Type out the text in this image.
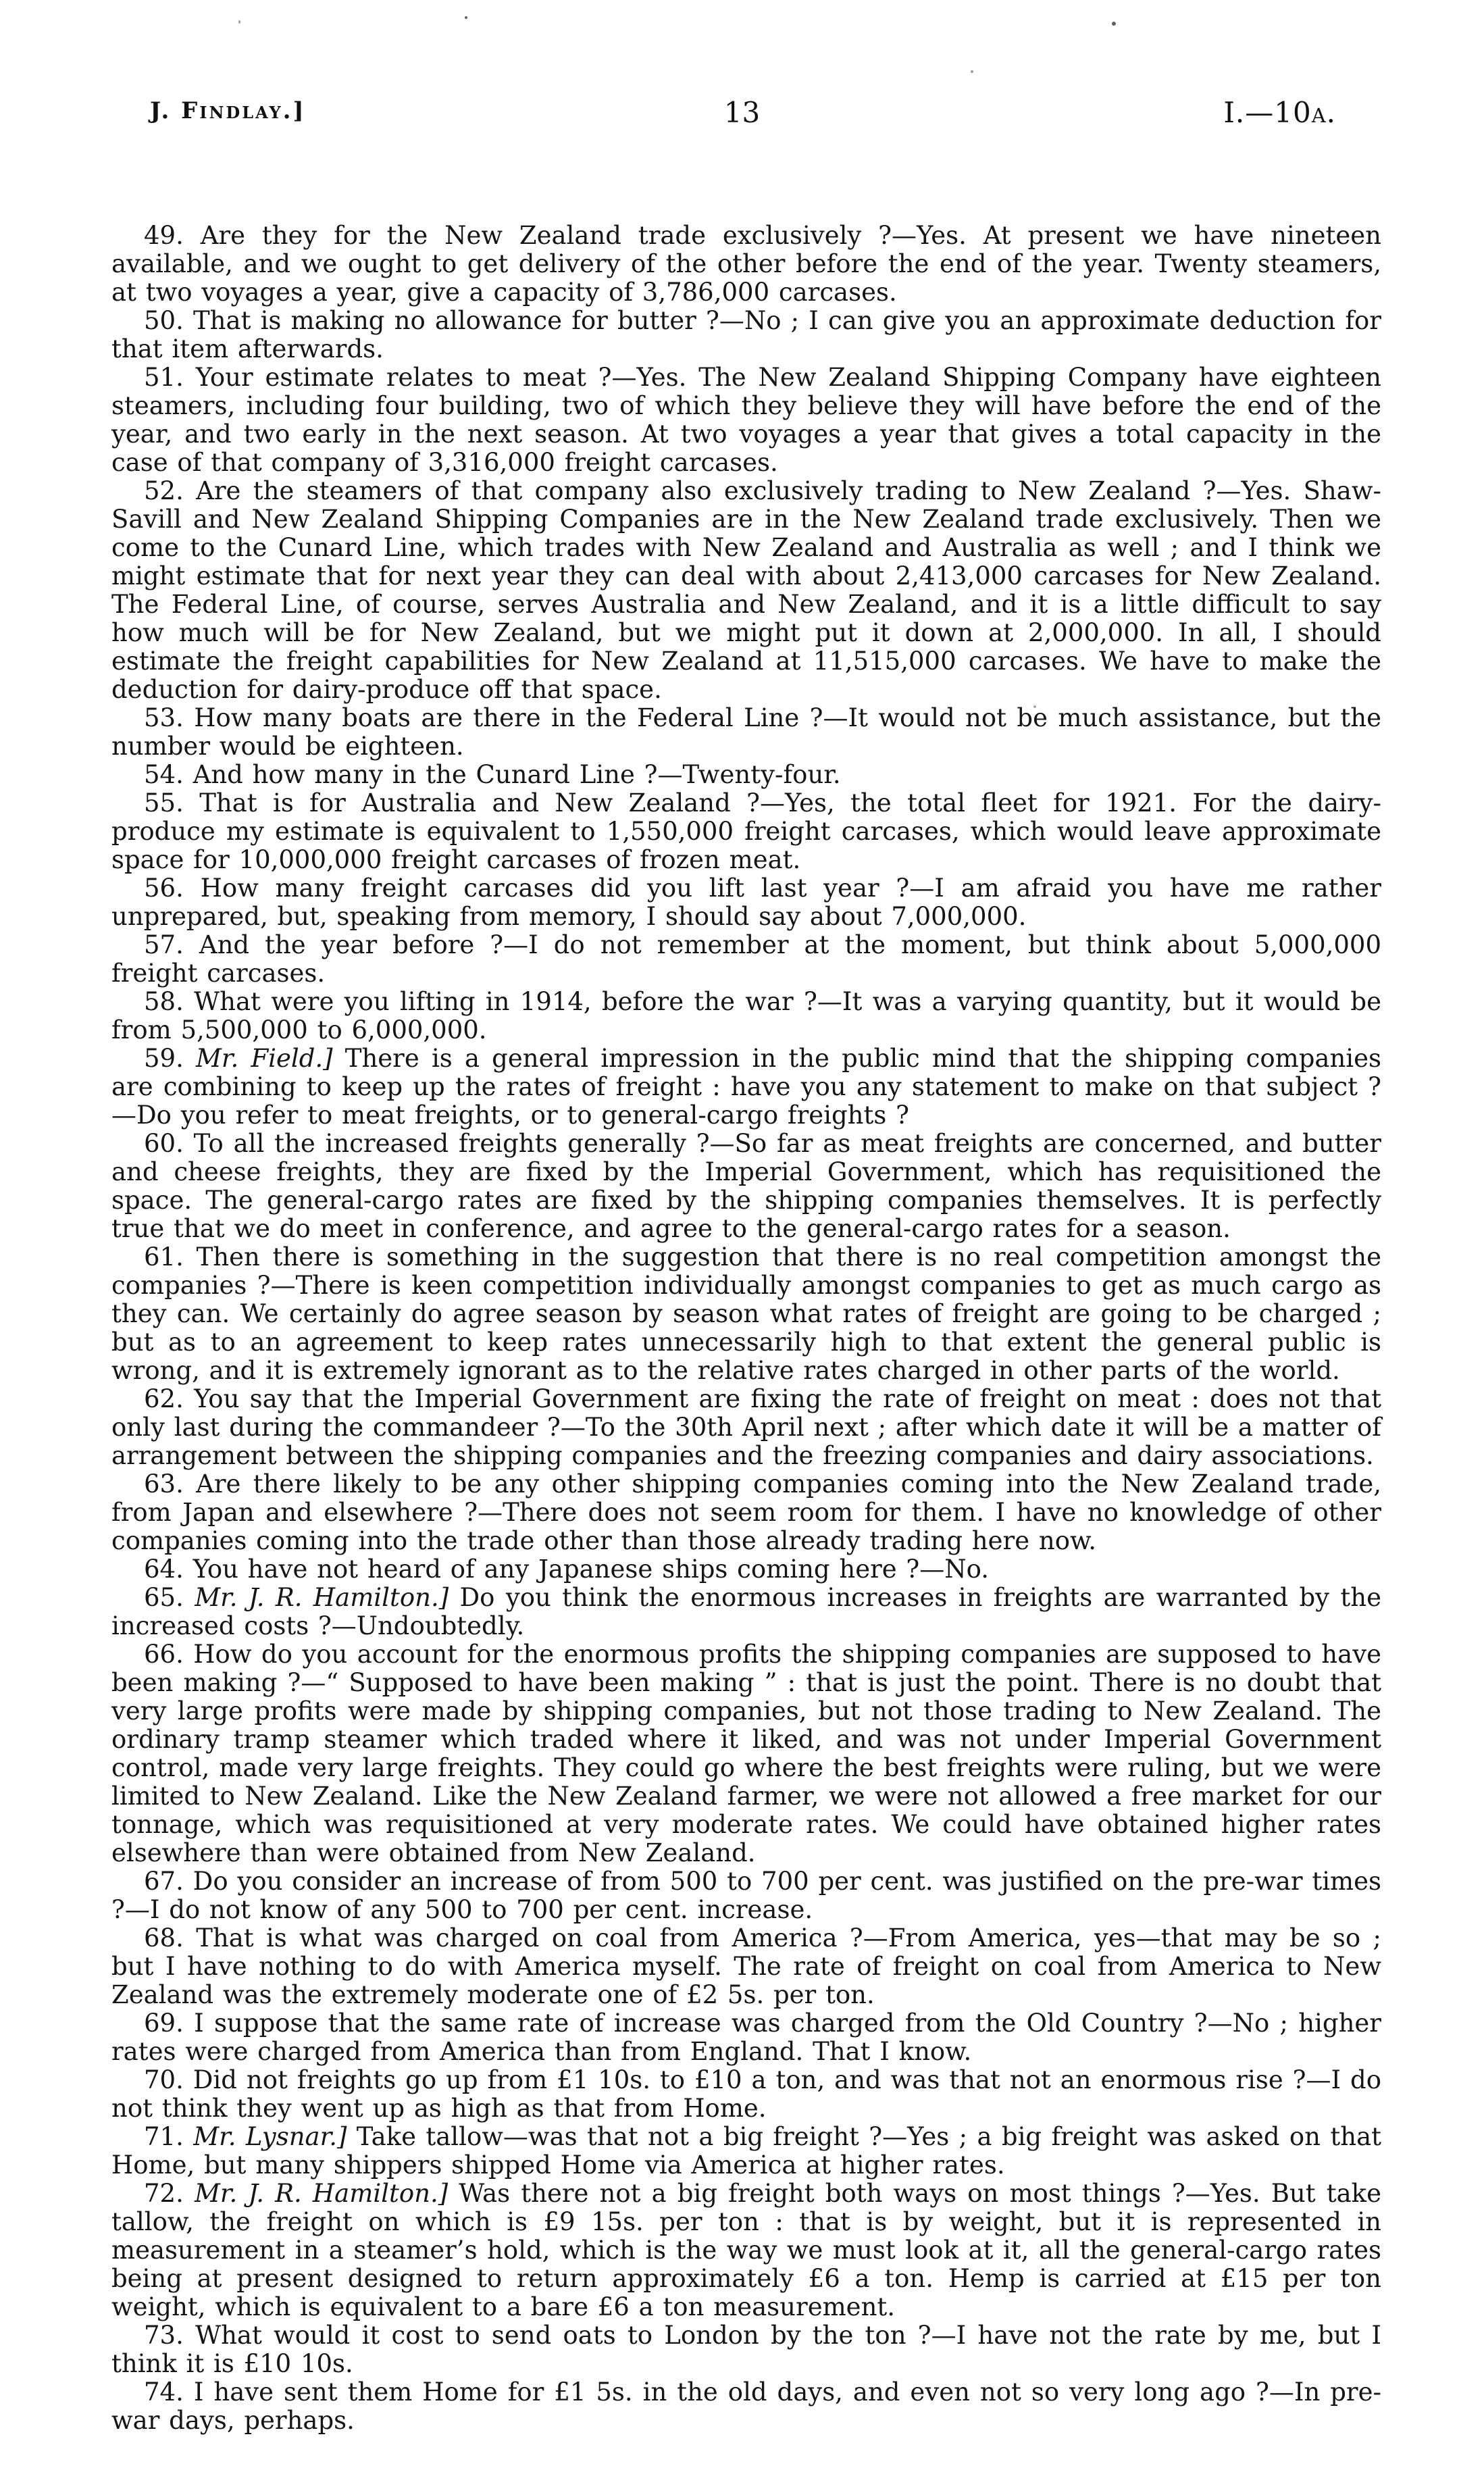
J. Findlay.]	13	I.—10a.

49. Are they for the New Zealand trade exclusively ?—Yes. At present we have nineteen available, and we ought to get delivery of the other before the end of the year. Twenty steamers, at two voyages a year, give a capacity of 3,786,000 carcases.

50. That is making no allowance for butter ?—No ; I can give you an approximate deduction for that item afterwards.

51. Your estimate relates to meat ?—Yes. The New Zealand Shipping Company have eighteen steamers, including four building, two of which they believe they will have before the end of the year, and two early in the next season. At two voyages a year that gives a total capacity in the case of that company of 3,316,000 freight carcases.

52. Are the steamers of that company also exclusively trading to New Zealand ?—Yes. Shaw-Savill and New Zealand Shipping Companies are in the New Zealand trade exclusively. Then we come to the Cunard Line, which trades with New Zealand and Australia as well ; and I think we might estimate that for next year they can deal with about 2,413,000 carcases for New Zealand. The Federal Line, of course, serves Australia and New Zealand, and it is a little difficult to say how much will be for New Zealand, but we might put it down at 2,000,000. In all, I should estimate the freight capabilities for New Zealand at 11,515,000 carcases. We have to make the deduction for dairy-produce off that space.

53. How many boats are there in the Federal Line ?—It would not be much assistance, but the number would be eighteen.

54. And how many in the Cunard Line ?—Twenty-four.

55. That is for Australia and New Zealand ?—Yes, the total fleet for 1921. For the dairy-produce my estimate is equivalent to 1,550,000 freight carcases, which would leave approximate space for 10,000,000 freight carcases of frozen meat.

56. How many freight carcases did you lift last year ?—I am afraid you have me rather unprepared, but, speaking from memory, I should say about 7,000,000.

57. And the year before ?—I do not remember at the moment, but think about 5,000,000 freight carcases.

58. What were you lifting in 1914, before the war ?—It was a varying quantity, but it would be from 5,500,000 to 6,000,000.

59. Mr. Field.] There is a general impression in the public mind that the shipping companies are combining to keep up the rates of freight : have you any statement to make on that subject ?—Do you refer to meat freights, or to general-cargo freights ?

60. To all the increased freights generally ?—So far as meat freights are concerned, and butter and cheese freights, they are fixed by the Imperial Government, which has requisitioned the space. The general-cargo rates are fixed by the shipping companies themselves. It is perfectly true that we do meet in conference, and agree to the general-cargo rates for a season.

61. Then there is something in the suggestion that there is no real competition amongst the companies ?—There is keen competition individually amongst companies to get as much cargo as they can. We certainly do agree season by season what rates of freight are going to be charged ; but as to an agreement to keep rates unnecessarily high to that extent the general public is wrong, and it is extremely ignorant as to the relative rates charged in other parts of the world.

62. You say that the Imperial Government are fixing the rate of freight on meat : does not that only last during the commandeer ?—To the 30th April next ; after which date it will be a matter of arrangement between the shipping companies and the freezing companies and dairy associations.

63. Are there likely to be any other shipping companies coming into the New Zealand trade, from Japan and elsewhere ?—There does not seem room for them. I have no knowledge of other companies coming into the trade other than those already trading here now.

64. You have not heard of any Japanese ships coming here ?—No.

65. Mr. J. R. Hamilton.] Do you think the enormous increases in freights are warranted by the increased costs ?—Undoubtedly.

66. How do you account for the enormous profits the shipping companies are supposed to have been making ?—“ Supposed to have been making ” : that is just the point. There is no doubt that very large profits were made by shipping companies, but not those trading to New Zealand. The ordinary tramp steamer which traded where it liked, and was not under Imperial Government control, made very large freights. They could go where the best freights were ruling, but we were limited to New Zealand. Like the New Zealand farmer, we were not allowed a free market for our tonnage, which was requisitioned at very moderate rates. We could have obtained higher rates elsewhere than were obtained from New Zealand.

67. Do you consider an increase of from 500 to 700 per cent. was justified on the pre-war times ?—I do not know of any 500 to 700 per cent. increase.

68. That is what was charged on coal from America ?—From America, yes—that may be so ; but I have nothing to do with America myself. The rate of freight on coal from America to New Zealand was the extremely moderate one of £2 5s. per ton.

69. I suppose that the same rate of increase was charged from the Old Country ?—No ; higher rates were charged from America than from England. That I know.

70. Did not freights go up from £1 10s. to £10 a ton, and was that not an enormous rise ?—I do not think they went up as high as that from Home.

71. Mr. Lysnar.] Take tallow—was that not a big freight ?—Yes ; a big freight was asked on that Home, but many shippers shipped Home via America at higher rates.

72. Mr. J. R. Hamilton.] Was there not a big freight both ways on most things ?—Yes. But take tallow, the freight on which is £9 15s. per ton : that is by weight, but it is represented in measurement in a steamer’s hold, which is the way we must look at it, all the general-cargo rates being at present designed to return approximately £6 a ton. Hemp is carried at £15 per ton weight, which is equivalent to a bare £6 a ton measurement.

73. What would it cost to send oats to London by the ton ?—I have not the rate by me, but I think it is £10 10s.

74. I have sent them Home for £1 5s. in the old days, and even not so very long ago ?—In pre-war days, perhaps.
